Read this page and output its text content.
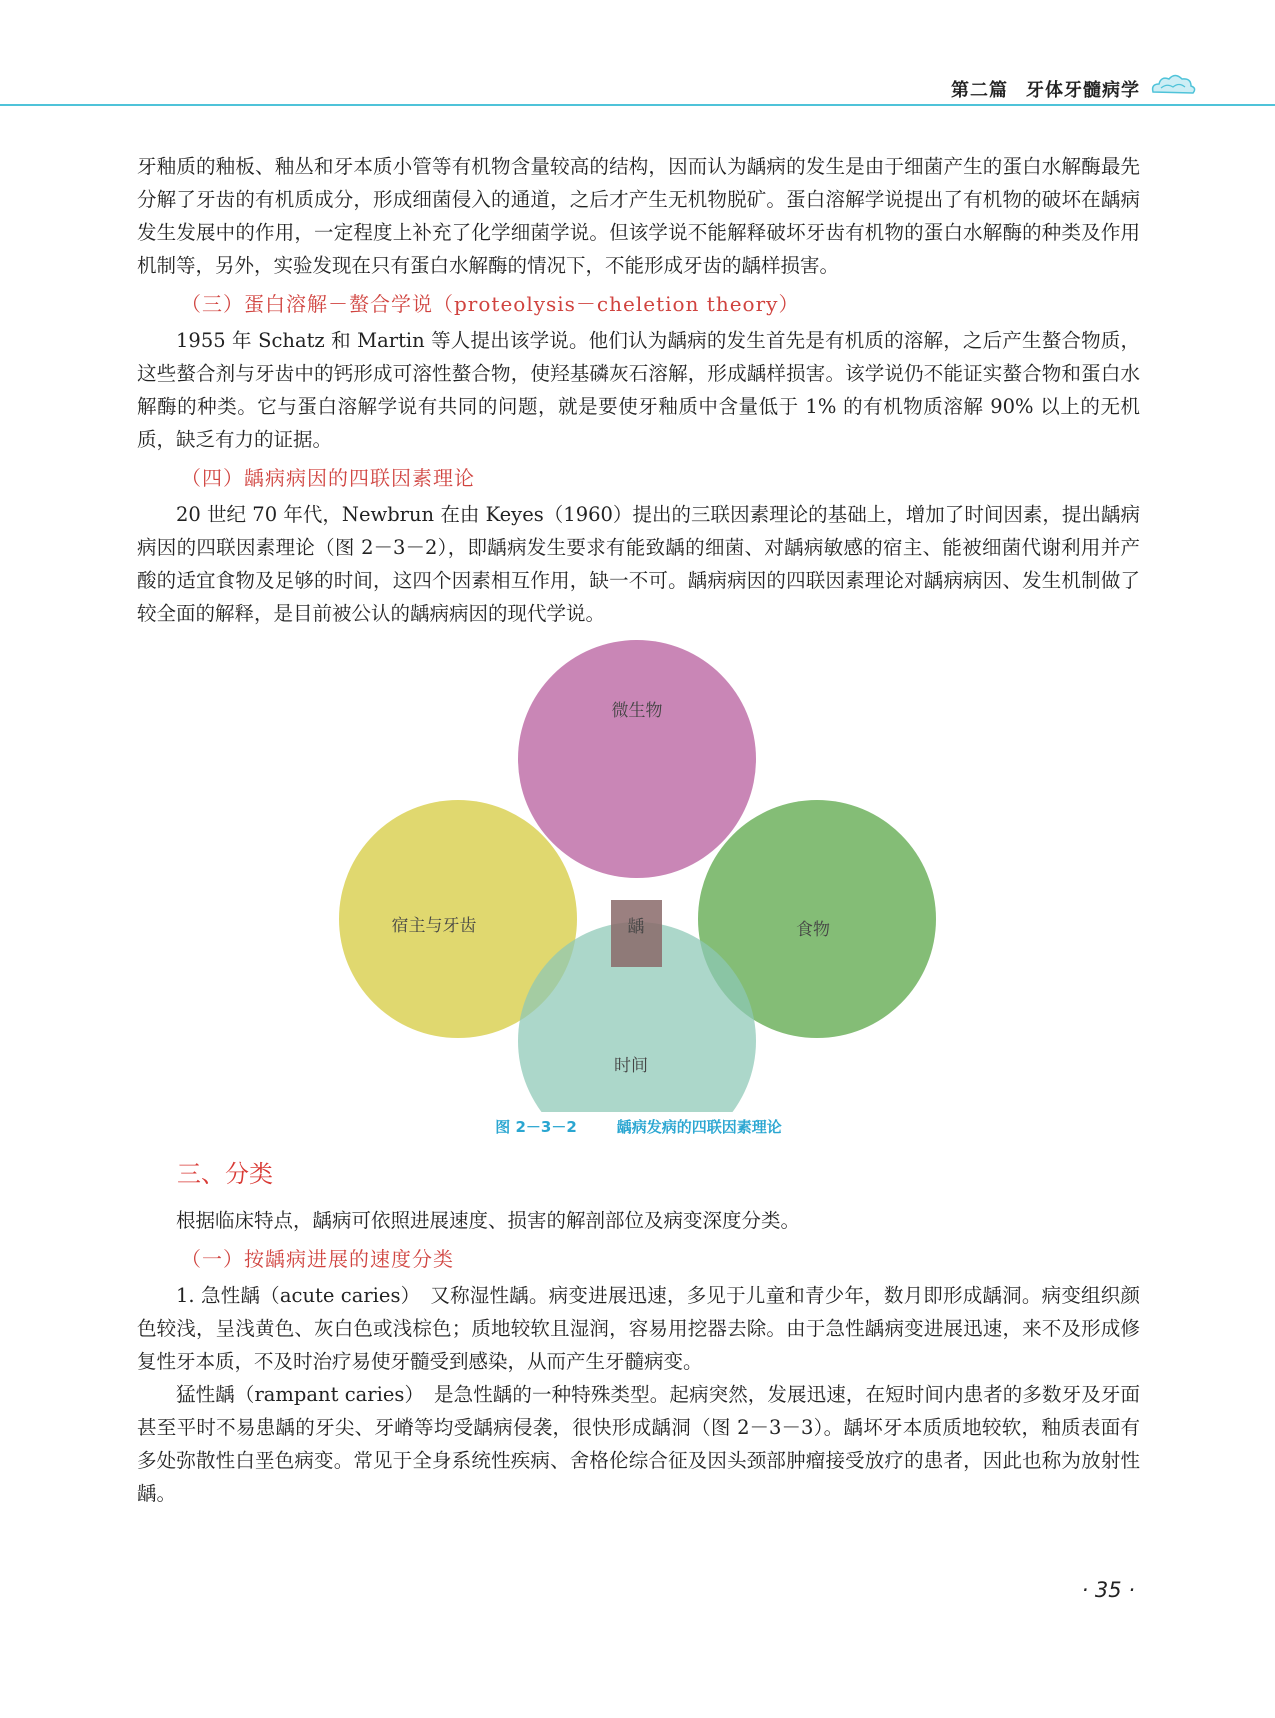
第二篇 牙体牙髓病学

牙釉质的釉板、釉丛和牙本质小管等有机物含量较高的结构，因而认为龋病的发生是由于细菌产生的蛋白水解酶最先分解了牙齿的有机质成分，形成细菌侵入的通道，之后才产生无机物脱矿。蛋白溶解学说提出了有机物的破坏在龋病发生发展中的作用，一定程度上补充了化学细菌学说。但该学说不能解释破坏牙齿有机物的蛋白水解酶的种类及作用机制等，另外，实验发现在只有蛋白水解酶的情况下，不能形成牙齿的龋样损害。

（三）蛋白溶解－螯合学说（proteolysis－cheletion theory）

1955 年 Schatz 和 Martin 等人提出该学说。他们认为龋病的发生首先是有机质的溶解，之后产生螯合物质，这些螯合剂与牙齿中的钙形成可溶性螯合物，使羟基磷灰石溶解，形成龋样损害。该学说仍不能证实螯合物和蛋白水解酶的种类。它与蛋白溶解学说有共同的问题，就是要使牙釉质中含量低于 1% 的有机物质溶解 90% 以上的无机质，缺乏有力的证据。

（四）龋病病因的四联因素理论

20 世纪 70 年代，Newbrun 在由 Keyes（1960）提出的三联因素理论的基础上，增加了时间因素，提出龋病病因的四联因素理论（图 2－3－2），即龋病发生要求有能致龋的细菌、对龋病敏感的宿主、能被细菌代谢利用并产酸的适宜食物及足够的时间，这四个因素相互作用，缺一不可。龋病病因的四联因素理论对龋病病因、发生机制做了较全面的解释，是目前被公认的龋病病因的现代学说。

微生物
宿主与牙齿	食物
时间
龋
图 2－3－2	龋病发病的四联因素理论
三、分类

根据临床特点，龋病可依照进展速度、损害的解剖部位及病变深度分类。

（一）按龋病进展的速度分类

1. 急性龋（acute caries）　又称湿性龋。病变进展迅速，多见于儿童和青少年，数月即形成龋洞。病变组织颜色较浅，呈浅黄色、灰白色或浅棕色；质地较软且湿润，容易用挖器去除。由于急性龋病变进展迅速，来不及形成修复性牙本质，不及时治疗易使牙髓受到感染，从而产生牙髓病变。

猛性龋（rampant caries）　是急性龋的一种特殊类型。起病突然，发展迅速，在短时间内患者的多数牙及牙面甚至平时不易患龋的牙尖、牙嵴等均受龋病侵袭，很快形成龋洞（图 2－3－3）。龋坏牙本质质地较软，釉质表面有多处弥散性白垩色病变。常见于全身系统性疾病、舍格伦综合征及因头颈部肿瘤接受放疗的患者，因此也称为放射性龋。

· 35 ·
